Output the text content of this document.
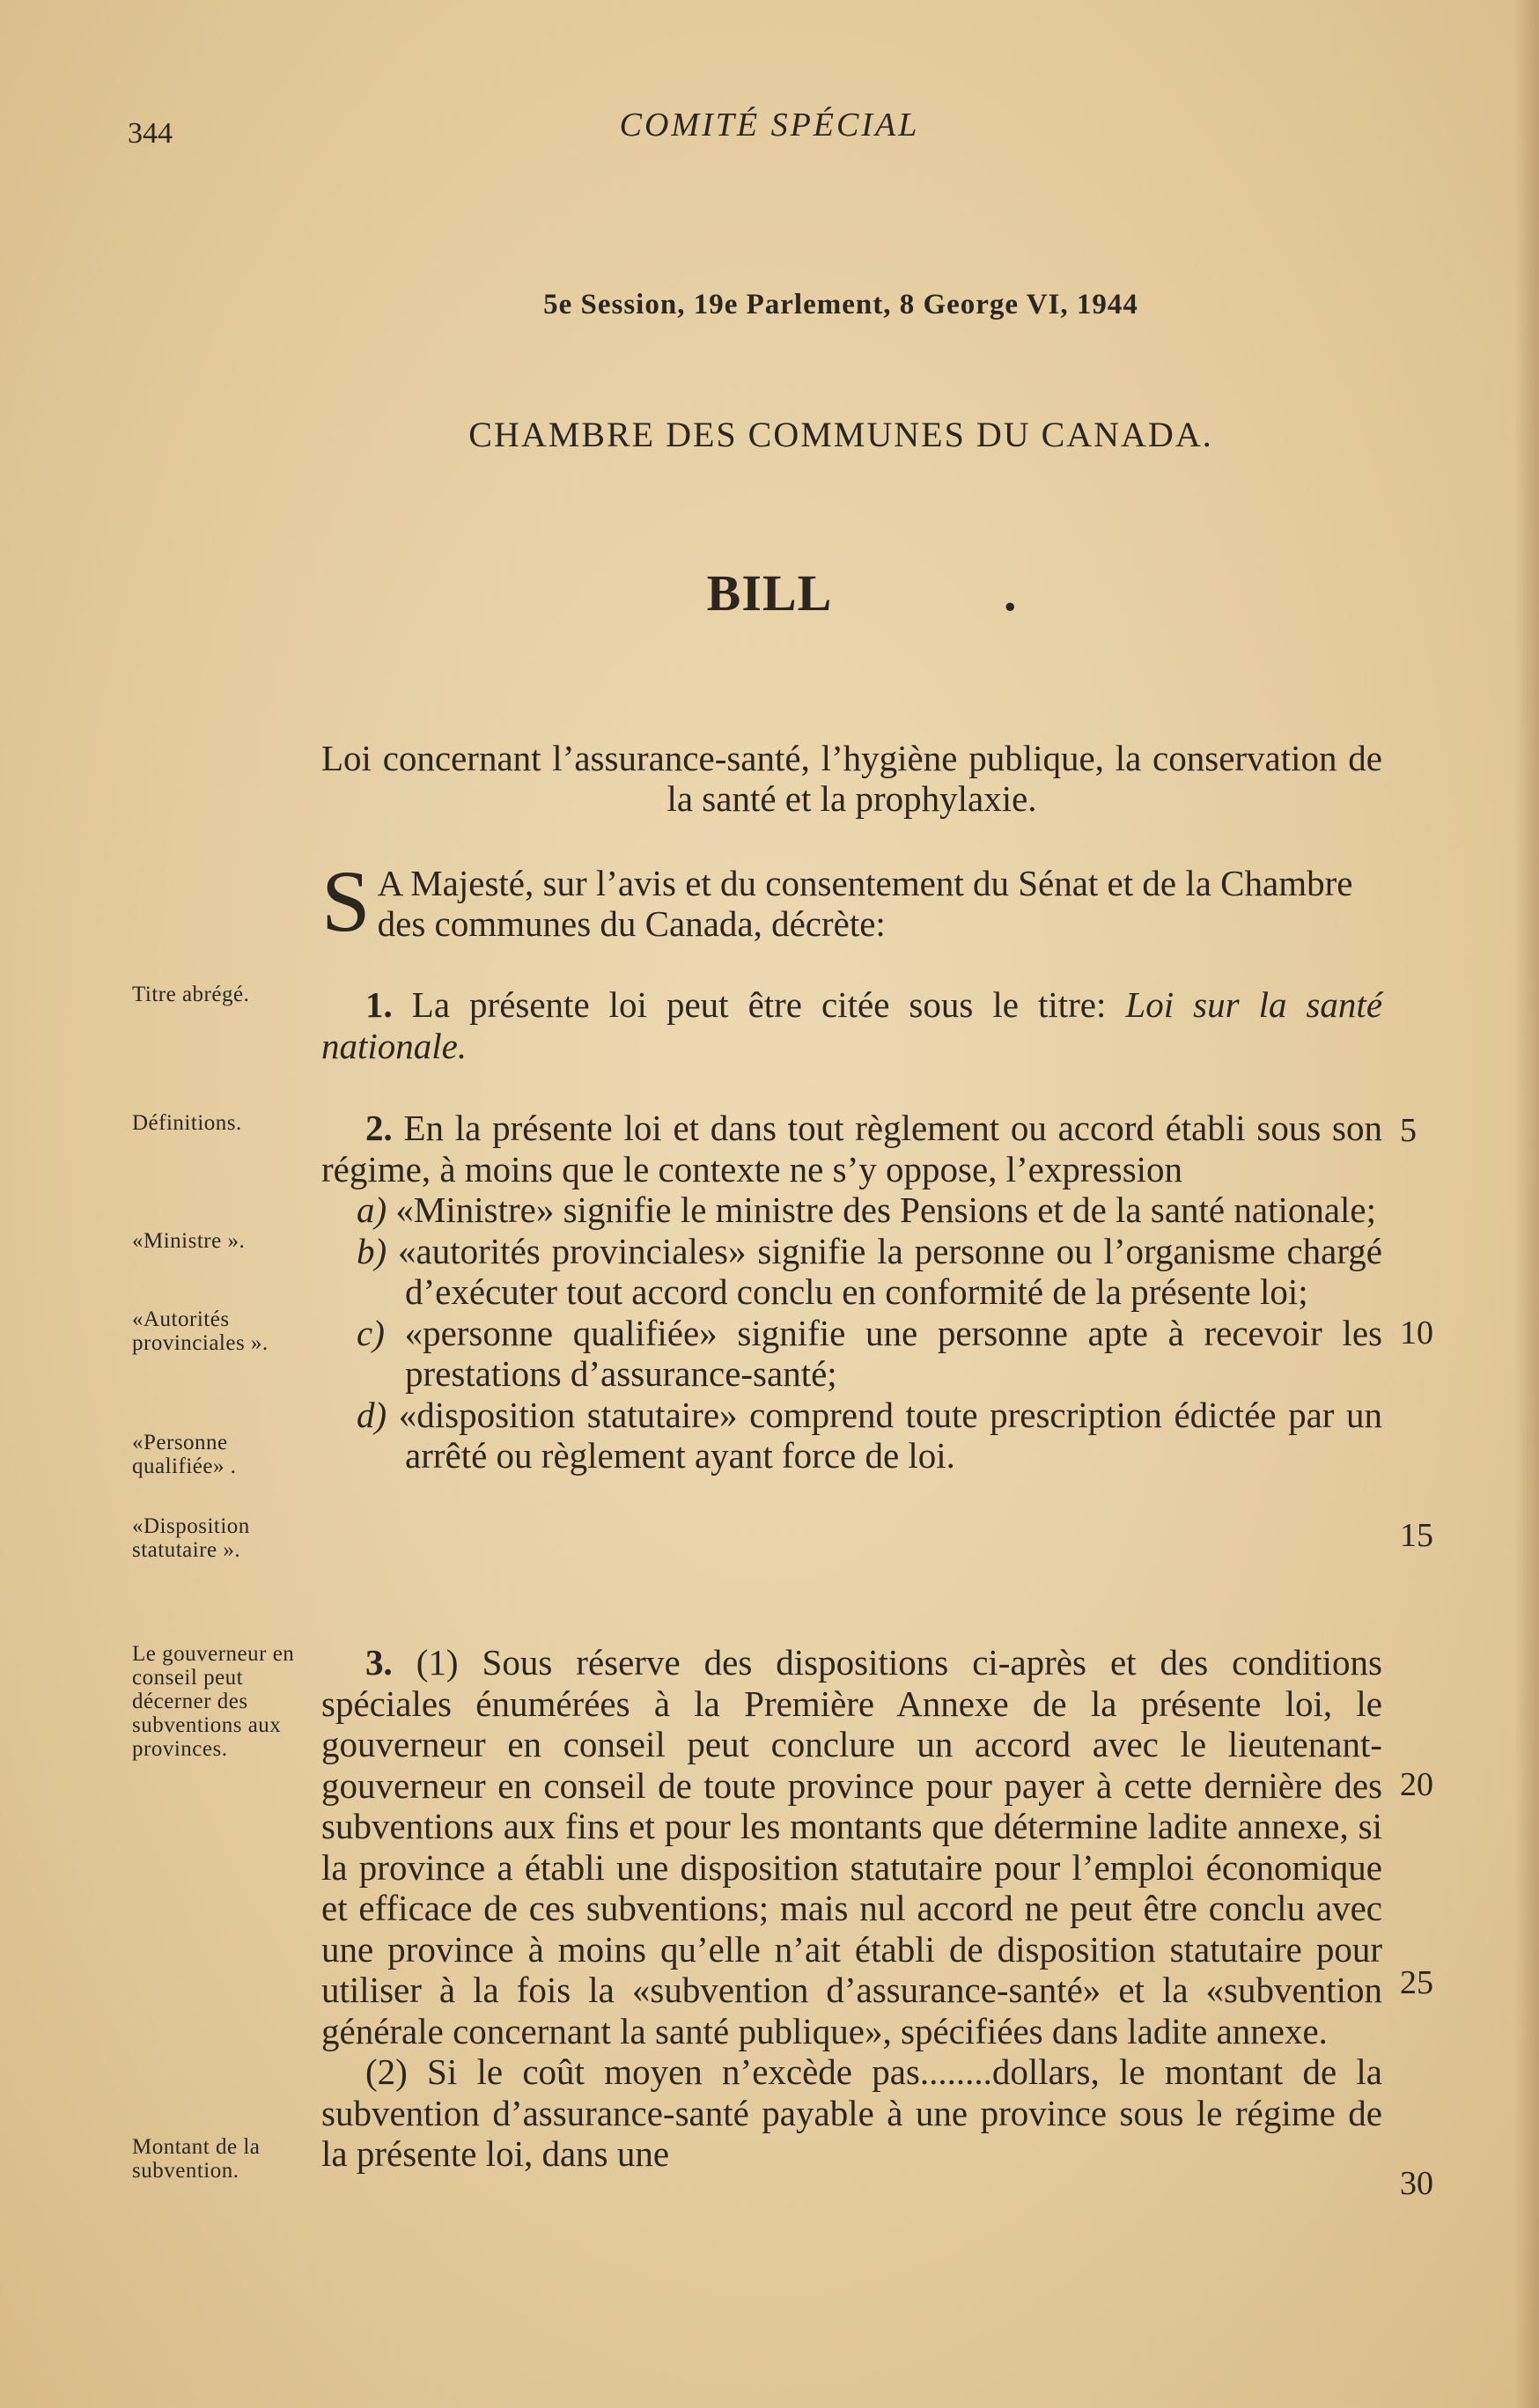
344	COMITÉ SPÉCIAL
5e Session, 19e Parlement, 8 George VI, 1944
CHAMBRE DES COMMUNES DU CANADA.
BILL	.
Loi concernant l’assurance-santé, l’hygiène publique, la conservation de la santé et la prophylaxie.
S A Majesté, sur l’avis et du consentement du Sénat et de la Chambre des communes du Canada, décrète:
Titre abrégé.
Définitions.
«Ministre ».
«Autorités provinciales ».
«Personne qualifiée» .
«Disposition statutaire ».
Le gouverneur en conseil peut décerner des subventions aux provinces.
Montant de la subvention.

1. La présente loi peut être citée sous le titre: Loi sur la santé nationale.

2. En la présente loi et dans tout règlement ou accord établi sous son régime, à moins que le contexte ne s’y oppose, l’expression

a) «Ministre» signifie le ministre des Pensions et de la santé nationale;

b) «autorités provinciales» signifie la personne ou l’organisme chargé d’exécuter tout accord conclu en conformité de la présente loi;

c) «personne qualifiée» signifie une personne apte à recevoir les prestations d’assurance-santé;

d) «disposition statutaire» comprend toute prescription édictée par un arrêté ou règlement ayant force de loi.

3. (1) Sous réserve des dispositions ci-après et des conditions spéciales énumérées à la Première Annexe de la présente loi, le gouverneur en conseil peut conclure un accord avec le lieutenant-gouverneur en conseil de toute province pour payer à cette dernière des subventions aux fins et pour les montants que détermine ladite annexe, si la province a établi une disposition statutaire pour l’emploi économique et efficace de ces subventions; mais nul accord ne peut être conclu avec une province à moins qu’elle n’ait établi de disposition statutaire pour utiliser à la fois la «subvention d’assurance-santé» et la «subvention générale concernant la santé publique», spécifiées dans ladite annexe.

(2) Si le coût moyen n’excède pas........dollars, le montant de la subvention d’assurance-santé payable à une province sous le régime de la présente loi, dans une

5
10
15
20
25
30
